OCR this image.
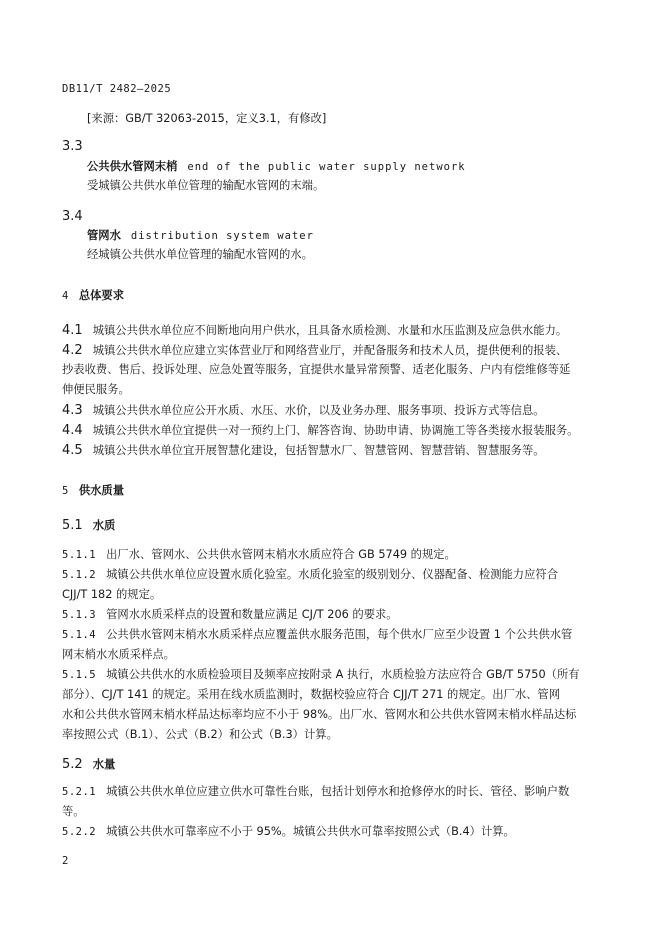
DB11/T 2482—2025
[来源：GB/T 32063-2015，定义3.1，有修改]
3.3
公共供水管网末梢 end of the public water supply network
受城镇公共供水单位管理的输配水管网的末端。
3.4
管网水 distribution system water
经城镇公共供水单位管理的输配水管网的水。
4 总体要求
4.1 城镇公共供水单位应不间断地向用户供水，且具备水质检测、水量和水压监测及应急供水能力。
4.2 城镇公共供水单位应建立实体营业厅和网络营业厅，并配备服务和技术人员，提供便利的报装、
抄表收费、售后、投诉处理、应急处置等服务，宜提供水量异常预警、适老化服务、户内有偿维修等延
伸便民服务。
4.3 城镇公共供水单位应公开水质、水压、水价，以及业务办理、服务事项、投诉方式等信息。
4.4 城镇公共供水单位宜提供一对一预约上门、解答咨询、协助申请、协调施工等各类接水报装服务。
4.5 城镇公共供水单位宜开展智慧化建设，包括智慧水厂、智慧管网、智慧营销、智慧服务等。
5 供水质量
5.1 水质
5.1.1 出厂水、管网水、公共供水管网末梢水水质应符合 GB 5749 的规定。
5.1.2 城镇公共供水单位应设置水质化验室。水质化验室的级别划分、仪器配备、检测能力应符合
CJJ/T 182 的规定。
5.1.3 管网水水质采样点的设置和数量应满足 CJ/T 206 的要求。
5.1.4 公共供水管网末梢水水质采样点应覆盖供水服务范围，每个供水厂应至少设置 1 个公共供水管
网末梢水水质采样点。
5.1.5 城镇公共供水的水质检验项目及频率应按附录 A 执行，水质检验方法应符合 GB/T 5750（所有
部分）、CJ/T 141 的规定。采用在线水质监测时，数据校验应符合 CJJ/T 271 的规定。出厂水、管网
水和公共供水管网末梢水样品达标率均应不小于 98%。出厂水、管网水和公共供水管网末梢水样品达标
率按照公式（B.1）、公式（B.2）和公式（B.3）计算。
5.2 水量
5.2.1 城镇公共供水单位应建立供水可靠性台账，包括计划停水和抢修停水的时长、管径、影响户数
等。
5.2.2 城镇公共供水可靠率应不小于 95%。城镇公共供水可靠率按照公式（B.4）计算。
2
